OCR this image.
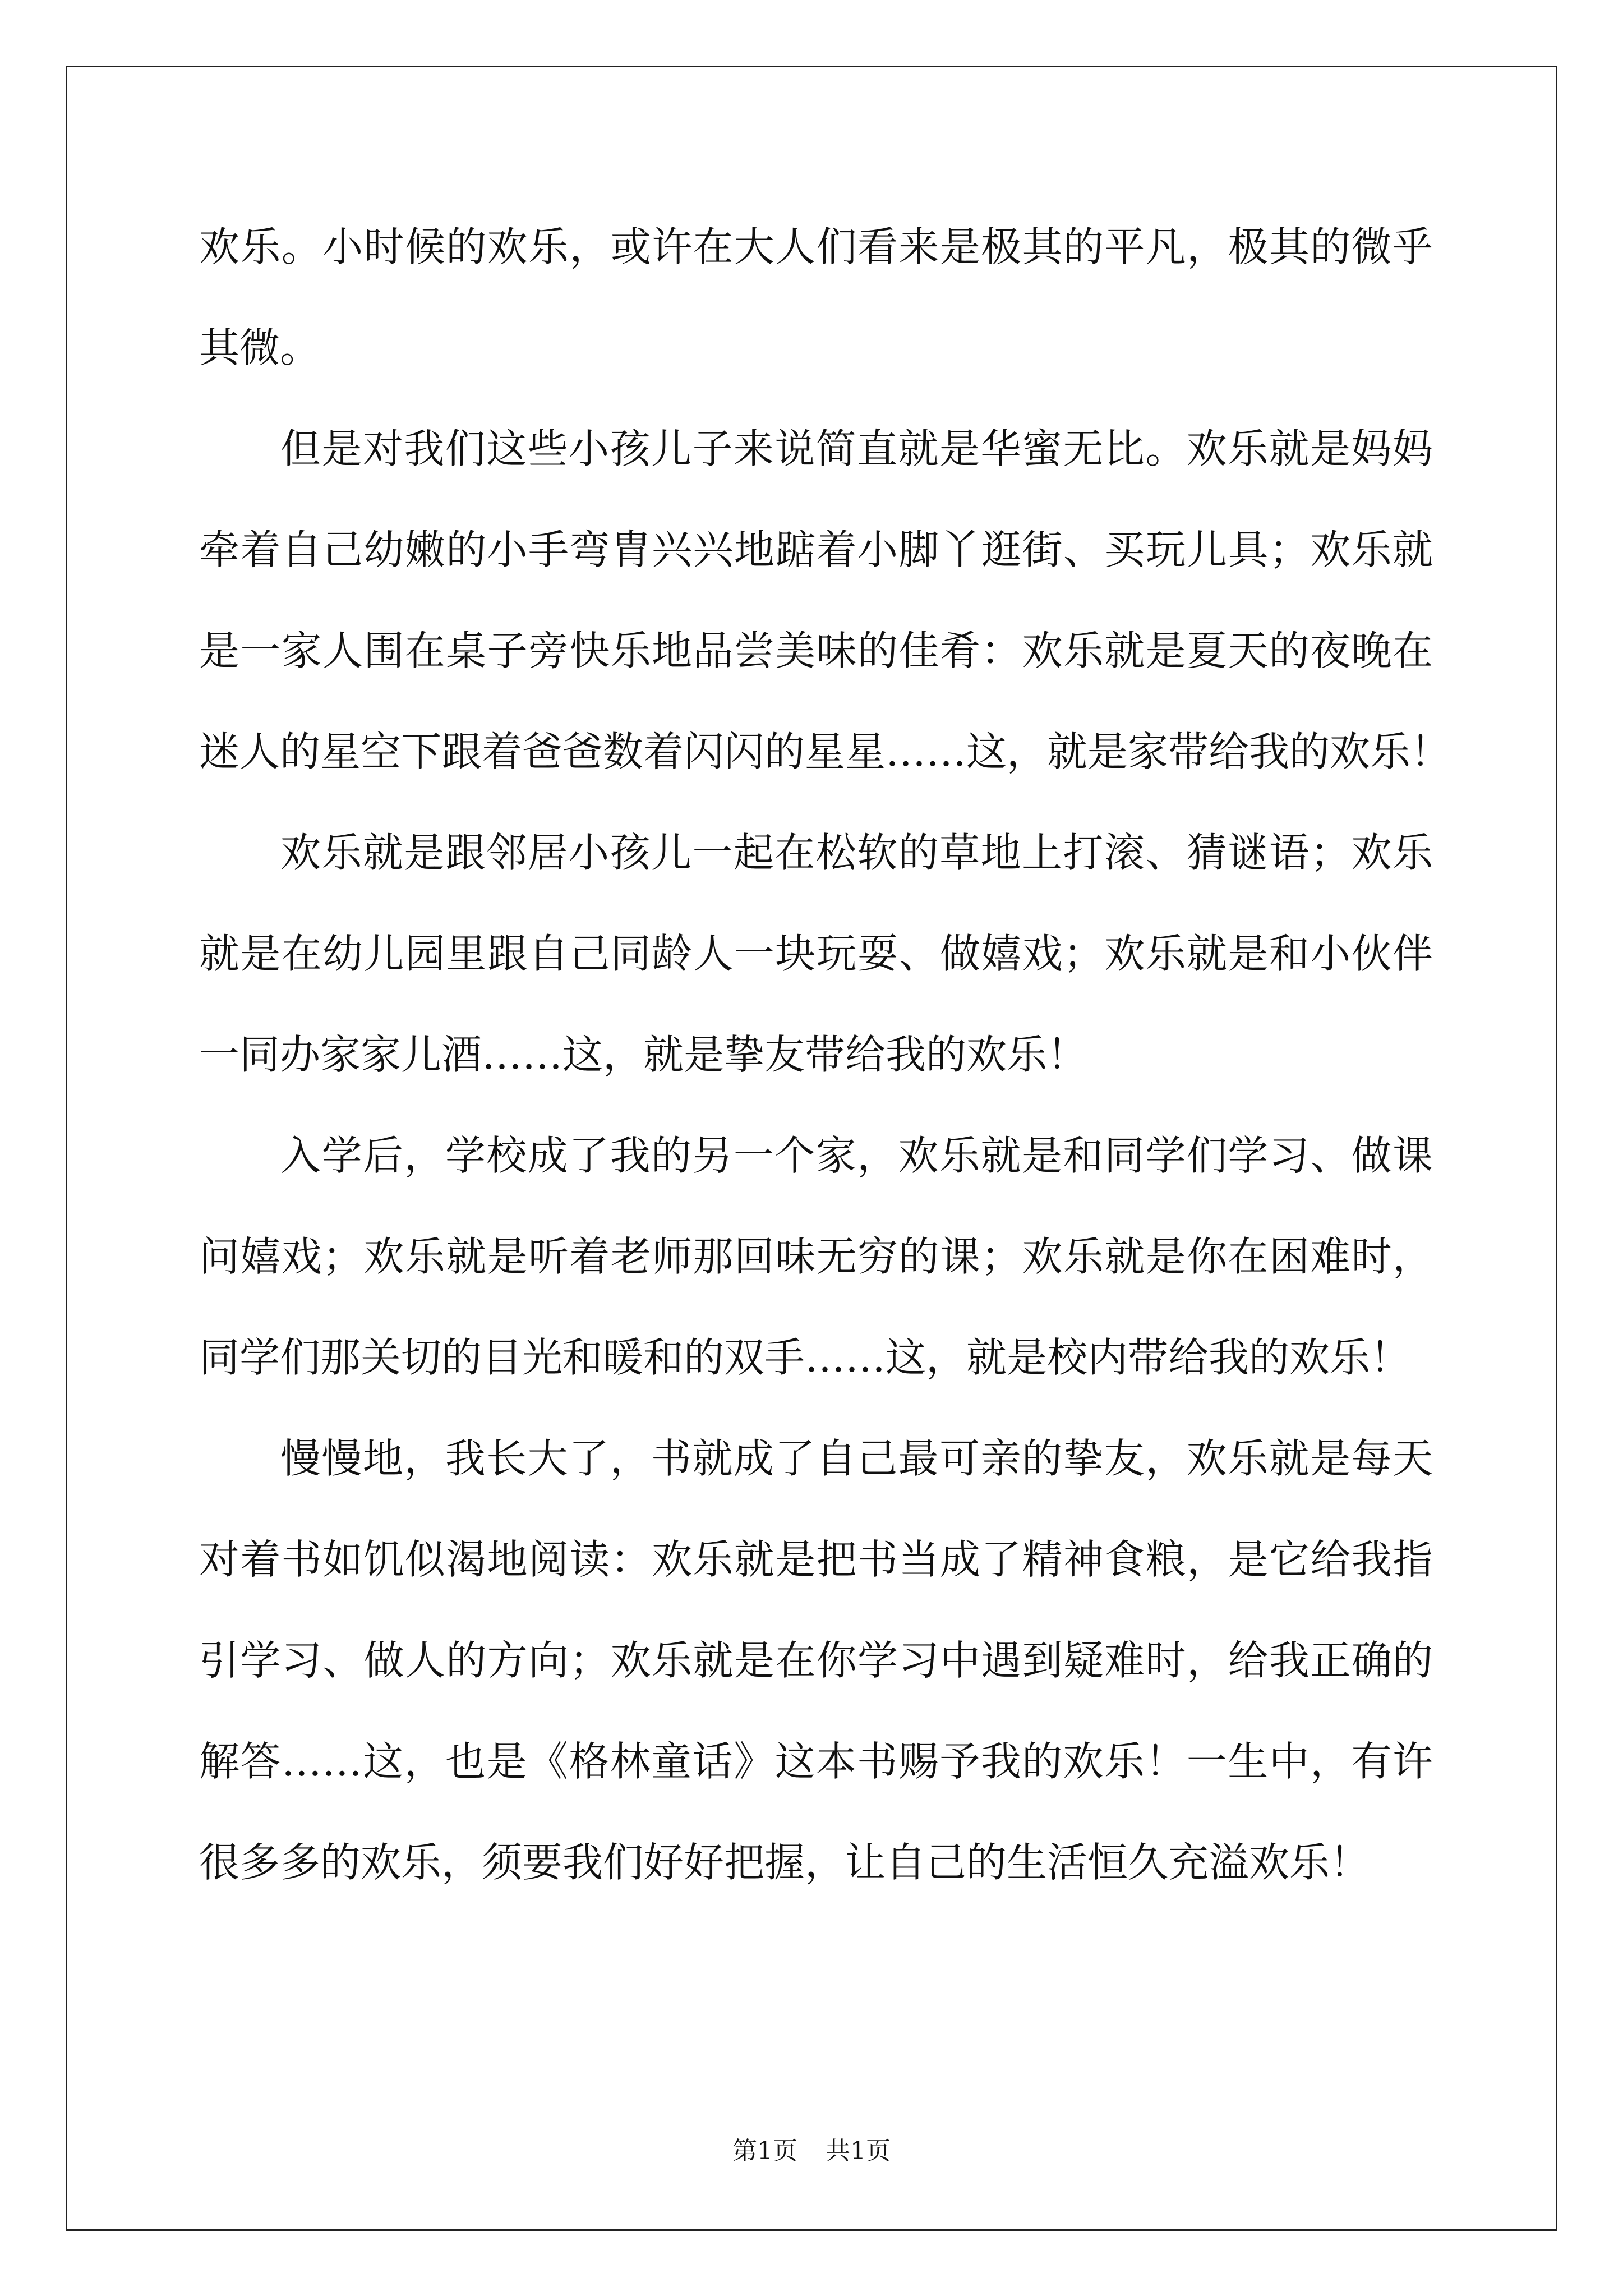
欢乐。小时候的欢乐，或许在大人们看来是极其的平凡，极其的微乎
其微。
但是对我们这些小孩儿子来说简直就是华蜜无比。欢乐就是妈妈
牵着自己幼嫩的小手弯胄兴兴地踮着小脚丫逛街、买玩儿具；欢乐就
是一家人围在桌子旁快乐地品尝美味的佳肴：欢乐就是夏天的夜晚在
迷人的星空下跟着爸爸数着闪闪的星星……这，就是家带给我的欢乐！
欢乐就是跟邻居小孩儿一起在松软的草地上打滚、猜谜语；欢乐
就是在幼儿园里跟自己同龄人一块玩耍、做嬉戏；欢乐就是和小伙伴
一同办家家儿酒……这，就是挚友带给我的欢乐！
入学后，学校成了我的另一个家，欢乐就是和同学们学习、做课
问嬉戏；欢乐就是听着老师那回味无穷的课；欢乐就是你在困难时，
同学们那关切的目光和暖和的双手……这，就是校内带给我的欢乐！
慢慢地，我长大了，书就成了自己最可亲的挚友，欢乐就是每天
对着书如饥似渴地阅读：欢乐就是把书当成了精神食粮，是它给我指
引学习、做人的方向；欢乐就是在你学习中遇到疑难时，给我正确的
解答……这，也是《格林童话》这本书赐予我的欢乐！一生中，有许
很多多的欢乐，须要我们好好把握，让自己的生活恒久充溢欢乐！
第1页 共1页
